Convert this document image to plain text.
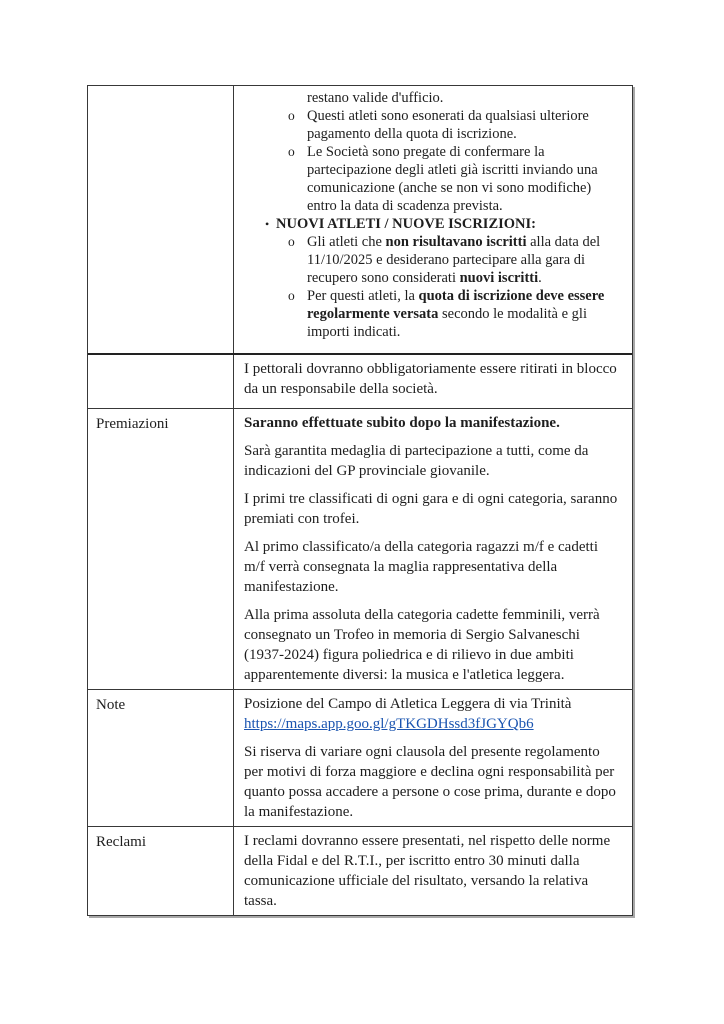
restano valide d'ufficio.
o Questi atleti sono esonerati da qualsiasi ulteriore pagamento della quota di iscrizione.
o Le Società sono pregate di confermare la partecipazione degli atleti già iscritti inviando una comunicazione (anche se non vi sono modifiche) entro la data di scadenza prevista.
• NUOVI ATLETI / NUOVE ISCRIZIONI:
o Gli atleti che non risultavano iscritti alla data del 11/10/2025 e desiderano partecipare alla gara di recupero sono considerati nuovi iscritti.
o Per questi atleti, la quota di iscrizione deve essere regolarmente versata secondo le modalità e gli importi indicati.

I pettorali dovranno obbligatoriamente essere ritirati in blocco da un responsabile della società.

Premiazioni	Saranno effettuate subito dopo la manifestazione.

Sarà garantita medaglia di partecipazione a tutti, come da indicazioni del GP provinciale giovanile.

I primi tre classificati di ogni gara e di ogni categoria, saranno premiati con trofei.

Al primo classificato/a della categoria ragazzi m/f e cadetti m/f verrà consegnata la maglia rappresentativa della manifestazione.

Alla prima assoluta della categoria cadette femminili, verrà consegnato un Trofeo in memoria di Sergio Salvaneschi (1937-2024) figura poliedrica e di rilievo in due ambiti apparentemente diversi: la musica e l'atletica leggera.

Note	Posizione del Campo di Atletica Leggera di via Trinità
https://maps.app.goo.gl/gTKGDHssd3fJGYQb6

Si riserva di variare ogni clausola del presente regolamento per motivi di forza maggiore e declina ogni responsabilità per quanto possa accadere a persone o cose prima, durante e dopo la manifestazione.

Reclami	I reclami dovranno essere presentati, nel rispetto delle norme della Fidal e del R.T.I., per iscritto entro 30 minuti dalla comunicazione ufficiale del risultato, versando la relativa tassa.
